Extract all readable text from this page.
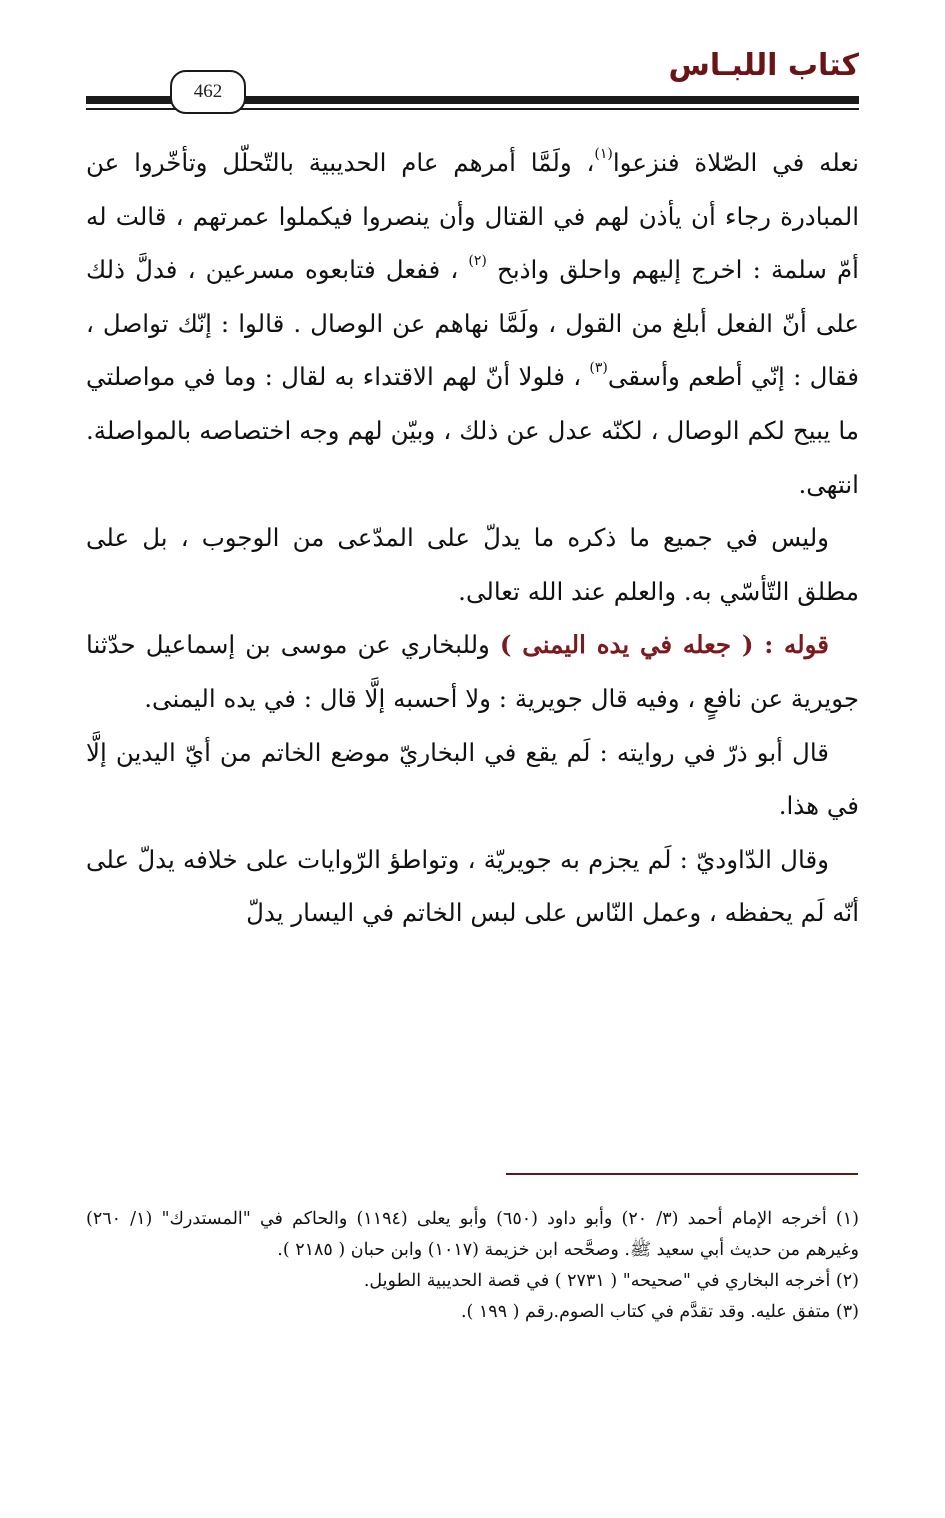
كتاب اللبـاس
462

نعله في الصّلاة فنزعوا$^{(١)}$، ولَمَّا أمرهم عام الحديبية بالتّحلّل وتأخّروا عن المبادرة رجاء أن يأذن لهم في القتال وأن ينصروا فيكملوا عمرتهم ، قالت له أمّ سلمة : اخرج إليهم واحلق واذبح $^{(٢)}$ ، ففعل فتابعوه مسرعين ، فدلَّ ذلك على أنّ الفعل أبلغ من القول ، ولَمَّا نهاهم عن الوصال . قالوا : إنّك تواصل ، فقال : إنّي أطعم وأسقى$^{(٣)}$ ، فلولا أنّ لهم الاقتداء به لقال : وما في مواصلتي ما يبيح لكم الوصال ، لكنّه عدل عن ذلك ، وبيّن لهم وجه اختصاصه بالمواصلة. انتهى.

وليس في جميع ما ذكره ما يدلّ على المدّعى من الوجوب ، بل على مطلق التّأسّي به. والعلم عند الله تعالى.

قوله : ( جعله في يده اليمنى ) وللبخاري عن موسى بن إسماعيل حدّثنا جويرية عن نافعٍ ، وفيه قال جويرية : ولا أحسبه إلَّا قال : في يده اليمنى.

قال أبو ذرّ في روايته : لَم يقع في البخاريّ موضع الخاتم من أيّ اليدين إلَّا في هذا.

وقال الدّاوديّ : لَم يجزم به جويريّة ، وتواطؤ الرّوايات على خلافه يدلّ على أنّه لَم يحفظه ، وعمل النّاس على لبس الخاتم في اليسار يدلّ

(١) أخرجه الإمام أحمد (٣/ ٢٠) وأبو داود (٦٥٠) وأبو يعلى (١١٩٤) والحاكم في "المستدرك" (١/ ٢٦٠) وغيرهم من حديث أبي سعيد ﷺ. وصحَّحه ابن خزيمة (١٠١٧) وابن حبان ( ٢١٨٥ ).

(٢) أخرجه البخاري في "صحيحه" ( ٢٧٣١ ) في قصة الحديبية الطويل.

(٣) متفق عليه. وقد تقدَّم في كتاب الصوم.رقم ( ١٩٩ ).
